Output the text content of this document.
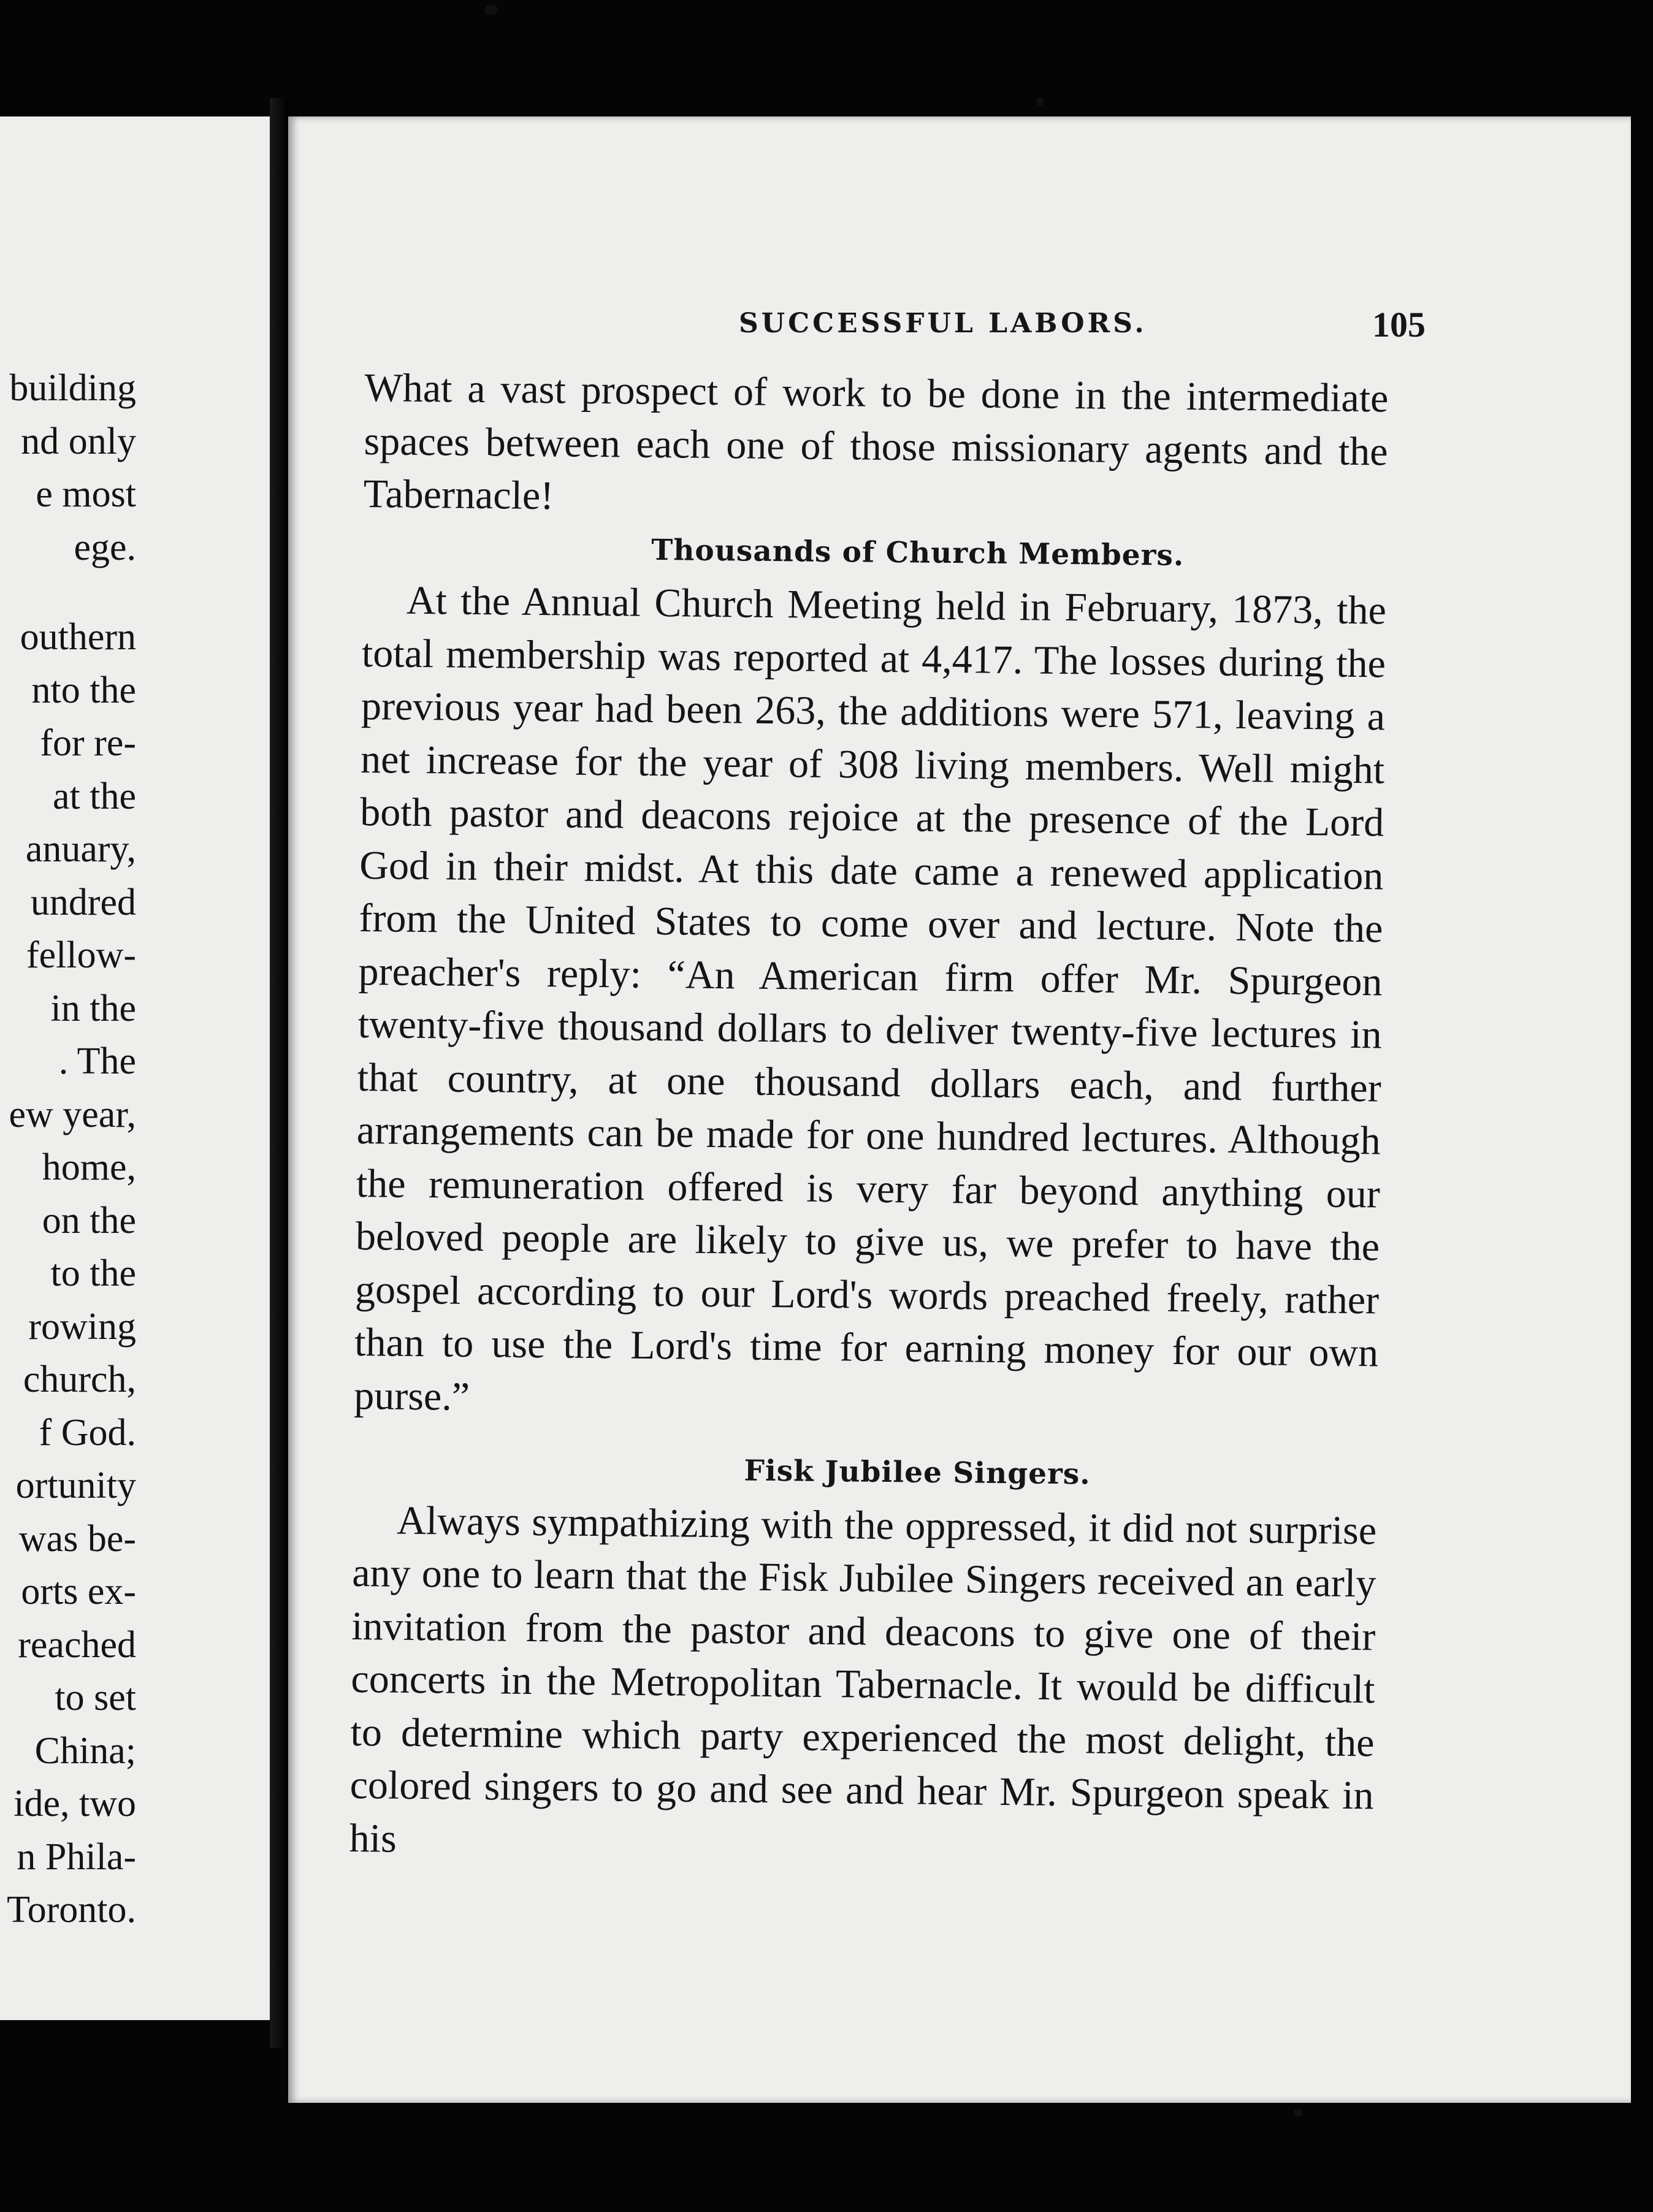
building
nd only
e most
ege.
outhern
nto the
for re-
at the
anuary,
undred
fellow-
in the
. The
ew year,
home,
on the
to the
rowing
church,
f God.
ortunity
was be-
orts ex-
reached
to set
China;
ide, two
n Phila-
Toronto.
SUCCESSFUL LABORS.	105

What a vast prospect of work to be done in the intermediate spaces between each one of those missionary agents and the Tabernacle!

Thousands of Church Members.

At the Annual Church Meeting held in February, 1873, the total membership was reported at 4,417. The losses during the previous year had been 263, the additions were 571, leaving a net increase for the year of 308 living members. Well might both pastor and deacons rejoice at the presence of the Lord God in their midst. At this date came a renewed application from the United States to come over and lecture. Note the preacher's reply: “An American firm offer Mr. Spurgeon twenty-five thousand dollars to deliver twenty-five lectures in that country, at one thousand dollars each, and further arrangements can be made for one hundred lectures. Although the remuneration offered is very far beyond anything our beloved people are likely to give us, we prefer to have the gospel according to our Lord's words preached freely, rather than to use the Lord's time for earning money for our own purse.”

Fisk Jubilee Singers.

Always sympathizing with the oppressed, it did not surprise any one to learn that the Fisk Jubilee Singers received an early invitation from the pastor and deacons to give one of their concerts in the Metropolitan Tabernacle. It would be difficult to determine which party experienced the most delight, the colored singers to go and see and hear Mr. Spurgeon speak in his
